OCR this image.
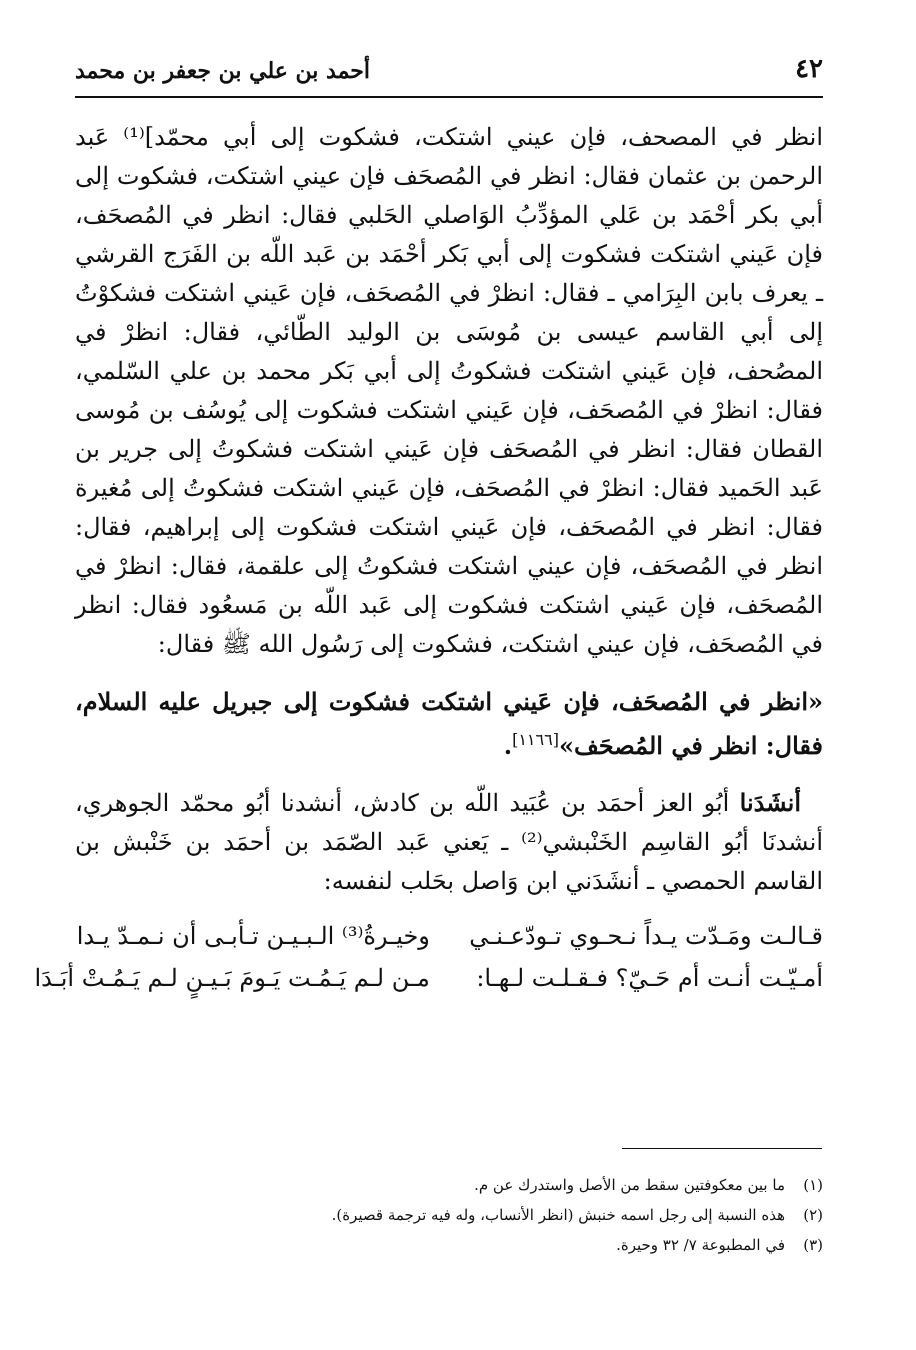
٤٢
أحمد بن علي بن جعفر بن محمد
انظر في المصحف، فإن عيني اشتكت، فشكوت إلى أبي محمّد]⁽¹⁾ عَبد الرحمن بن عثمان فقال: انظر في المُصحَف فإن عيني اشتكت، فشكوت إلى أبي بكر أحْمَد بن عَلي المؤدِّبُ الوَاصلي الحَلبي فقال: انظر في المُصحَف، فإن عَيني اشتكت فشكوت إلى أبي بَكر أحْمَد بن عَبد اللّه بن الفَرَج القرشي ـ يعرف بابن البِرَامي ـ فقال: انظرْ في المُصحَف، فإن عَيني اشتكت فشكوْتُ إلى أبي القاسم عيسى بن مُوسَى بن الوليد الطّائي، فقال: انظرْ في المصُحف، فإن عَيني اشتكت فشكوتُ إلى أبي بَكر محمد بن علي السّلمي، فقال: انظرْ في المُصحَف، فإن عَيني اشتكت فشكوت إلى يُوسُف بن مُوسى القطان فقال: انظر في المُصحَف فإن عَيني اشتكت فشكوتُ إلى جرير بن عَبد الحَميد فقال: انظرْ في المُصحَف، فإن عَيني اشتكت فشكوتُ إلى مُغيرة فقال: انظر في المُصحَف، فإن عَيني اشتكت فشكوت إلى إبراهيم، فقال: انظر في المُصحَف، فإن عيني اشتكت فشكوتُ إلى علقمة، فقال: انظرْ في المُصحَف، فإن عَيني اشتكت فشكوت إلى عَبد اللّه بن مَسعُود فقال: انظر في المُصحَف، فإن عيني اشتكت، فشكوت إلى رَسُول الله ﷺ فقال:
«انظر في المُصحَف، فإن عَيني اشتكت فشكوت إلى جبريل عليه السلام، فقال: انظر في المُصحَف»[١١٦٦].
أنشَدَنا أبُو العز أحمَد بن عُبَيد اللّه بن كادش، أنشدنا أبُو محمّد الجوهري، أنشدنَا أبُو القاسِم الخَنْبشي⁽²⁾ ـ يَعني عَبد الصّمَد بن أحمَد بن خَنْبش بن القاسم الحمصي ـ أنشَدَني ابن وَاصل بحَلب لنفسه:
قـالـت ومَـدّت يـداً نـحـوي تـودّعـنـي
وخيـرةُ⁽³⁾ الـبـيـن تـأبـى أن نـمـدّ يـدا
أمـيّـت أنـت أم حَـيّ؟ فـقـلـت لـهـا:
مـن لـم يَـمُـت يَـومَ بَـيـنٍ لـم يَـمُـتْ أبَـدَا
(١)
ما بين معكوفتين سقط من الأصل واستدرك عن م.
(٢)
هذه النسبة إلى رجل اسمه خنبش (انظر الأنساب، وله فيه ترجمة قصيرة).
(٣)
في المطبوعة ٧/ ٣٢ وحيرة.
